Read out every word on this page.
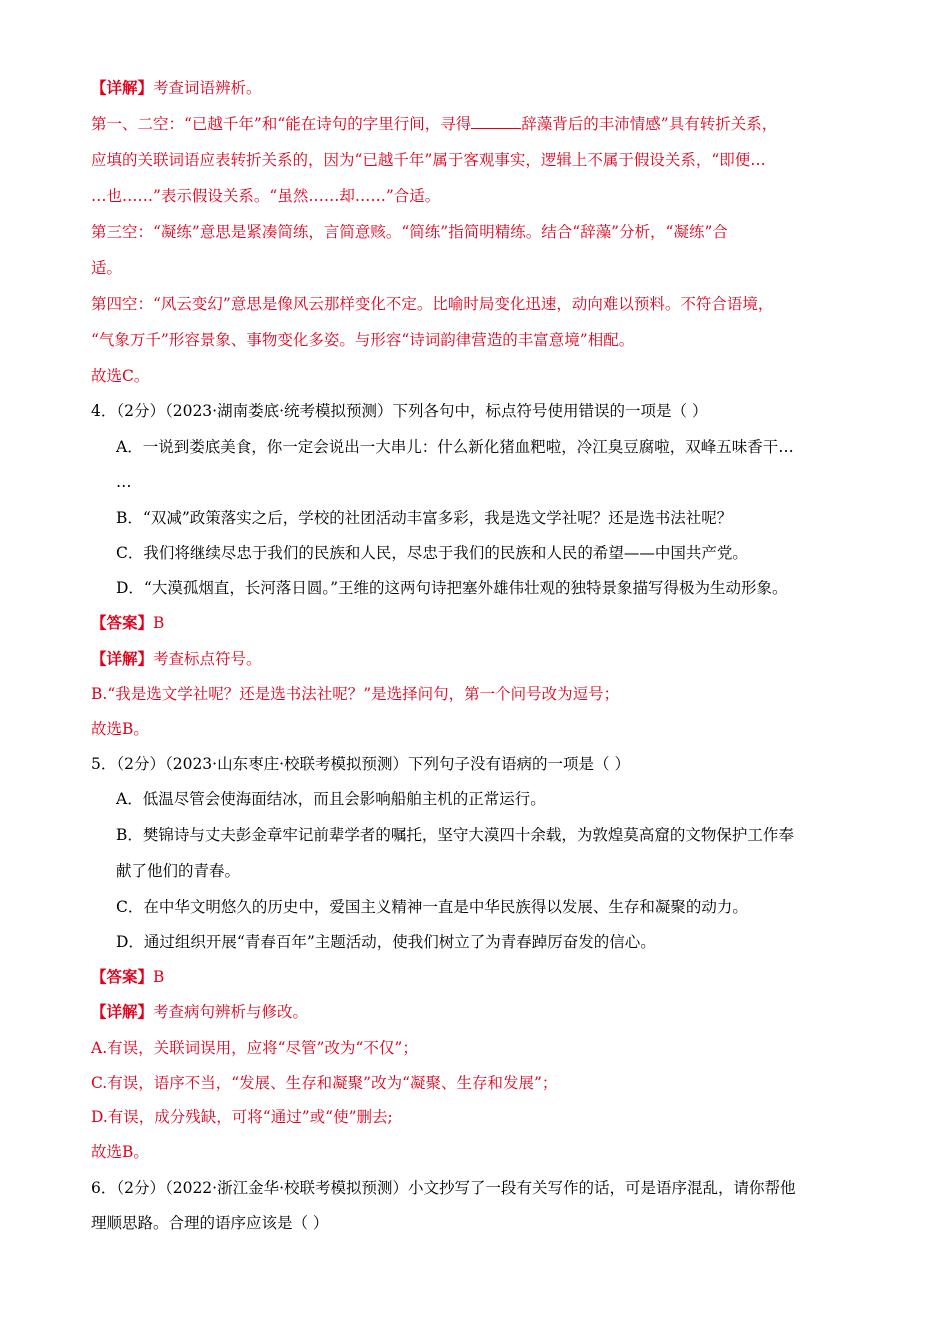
【详解】考查词语辨析。
第一、二空：“已越千年”和“能在诗句的字里行间，寻得	辞藻背后的丰沛情感”具有转折关系，
应填的关联词语应表转折关系的，因为“已越千年”属于客观事实，逻辑上不属于假设关系，“即便…
…也……”表示假设关系。“虽然……却……”合适。
第三空：“凝练”意思是紧凑简练，言简意赅。“简练”指简明精练。结合“辞藻”分析，“凝练”合
适。
第四空：“风云变幻”意思是像风云那样变化不定。比喻时局变化迅速，动向难以预料。不符合语境，
“气象万千”形容景象、事物变化多姿。与形容“诗词韵律营造的丰富意境”相配。
故选C。
4．（2分）（2023·湖南娄底·统考模拟预测）下列各句中，标点符号使用错误的一项是（ ）
A．一说到娄底美食，你一定会说出一大串儿：什么新化猪血粑啦，冷江臭豆腐啦，双峰五味香干…
…
B．“双减”政策落实之后，学校的社团活动丰富多彩，我是选文学社呢？还是选书法社呢？
C．我们将继续尽忠于我们的民族和人民，尽忠于我们的民族和人民的希望——中国共产党。
D．“大漠孤烟直，长河落日圆。”王维的这两句诗把塞外雄伟壮观的独特景象描写得极为生动形象。
【答案】B
【详解】考查标点符号。
B.“我是选文学社呢？还是选书法社呢？”是选择问句，第一个问号改为逗号；
故选B。
5．（2分）（2023·山东枣庄·校联考模拟预测）下列句子没有语病的一项是（ ）
A．低温尽管会使海面结冰，而且会影响船舶主机的正常运行。
B．樊锦诗与丈夫彭金章牢记前辈学者的嘱托，坚守大漠四十余载，为敦煌莫高窟的文物保护工作奉
献了他们的青春。
C．在中华文明悠久的历史中，爱国主义精神一直是中华民族得以发展、生存和凝聚的动力。
D．通过组织开展“青春百年”主题活动，使我们树立了为青春踔厉奋发的信心。
【答案】B
【详解】考查病句辨析与修改。
A.有误，关联词误用，应将“尽管”改为“不仅”；
C.有误，语序不当，“发展、生存和凝聚”改为“凝聚、生存和发展”；
D.有误，成分残缺，可将“通过”或“使”删去;
故选B。
6．（2分）（2022·浙江金华·校联考模拟预测）小文抄写了一段有关写作的话，可是语序混乱，请你帮他
理顺思路。合理的语序应该是（ ）
